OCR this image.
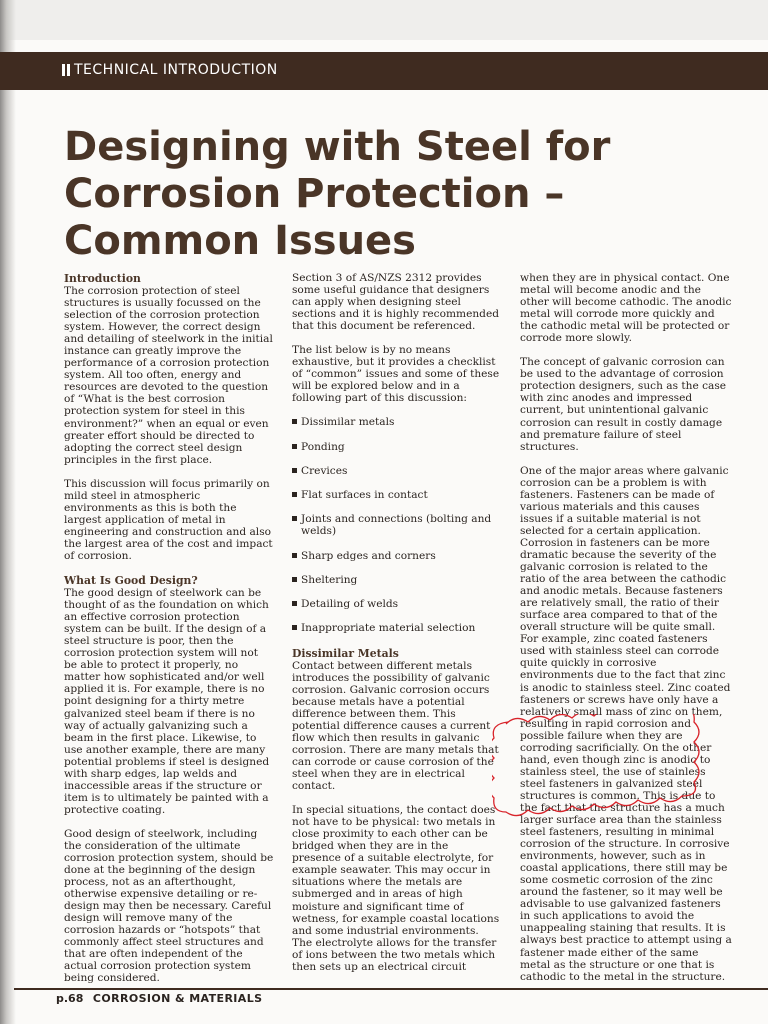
TECHNICAL INTRODUCTION
Designing with Steel for
Corrosion Protection –
Common Issues
Introduction

The corrosion protection of steel structures is usually focussed on the selection of the corrosion protection system. However, the correct design and detailing of steelwork in the initial instance can greatly improve the performance of a corrosion protection system. All too often, energy and resources are devoted to the question of “What is the best corrosion protection system for steel in this environment?” when an equal or even greater effort should be directed to adopting the correct steel design principles in the first place.

This discussion will focus primarily on mild steel in atmospheric environments as this is both the largest application of metal in engineering and construction and also the largest area of the cost and impact of corrosion.

What Is Good Design?

The good design of steelwork can be thought of as the foundation on which an effective corrosion protection system can be built. If the design of a steel structure is poor, then the corrosion protection system will not be able to protect it properly, no matter how sophisticated and/or well applied it is. For example, there is no point designing for a thirty metre galvanized steel beam if there is no way of actually galvanizing such a beam in the first place. Likewise, to use another example, there are many potential problems if steel is designed with sharp edges, lap welds and inaccessible areas if the structure or item is to ultimately be painted with a protective coating.

Good design of steelwork, including the consideration of the ultimate corrosion protection system, should be done at the beginning of the design process, not as an afterthought, otherwise expensive detailing or re-design may then be necessary. Careful design will remove many of the corrosion hazards or “hotspots” that commonly affect steel structures and that are often independent of the actual corrosion protection system being considered.

Section 3 of AS/NZS 2312 provides some useful guidance that designers can apply when designing steel sections and it is highly recommended that this document be referenced.

The list below is by no means exhaustive, but it provides a checklist of “common” issues and some of these will be explored below and in a following part of this discussion:

Dissimilar metals
Ponding
Crevices
Flat surfaces in contact
Joints and connections (bolting and welds)
Sharp edges and corners
Sheltering
Detailing of welds
Inappropriate material selection
Dissimilar Metals

Contact between different metals introduces the possibility of galvanic corrosion. Galvanic corrosion occurs because metals have a potential difference between them. This potential difference causes a current flow which then results in galvanic corrosion. There are many metals that can corrode or cause corrosion of the steel when they are in electrical contact.

In special situations, the contact does not have to be physical: two metals in close proximity to each other can be bridged when they are in the presence of a suitable electrolyte, for example seawater. This may occur in situations where the metals are submerged and in areas of high moisture and significant time of wetness, for example coastal locations and some industrial environments. The electrolyte allows for the transfer of ions between the two metals which then sets up an electrical circuit

when they are in physical contact. One metal will become anodic and the other will become cathodic. The anodic metal will corrode more quickly and the cathodic metal will be protected or corrode more slowly.

The concept of galvanic corrosion can be used to the advantage of corrosion protection designers, such as the case with zinc anodes and impressed current, but unintentional galvanic corrosion can result in costly damage and premature failure of steel structures.

One of the major areas where galvanic corrosion can be a problem is with fasteners. Fasteners can be made of various materials and this causes issues if a suitable material is not selected for a certain application. Corrosion in fasteners can be more dramatic because the severity of the galvanic corrosion is related to the ratio of the area between the cathodic and anodic metals. Because fasteners are relatively small, the ratio of their surface area compared to that of the overall structure will be quite small. For example, zinc coated fasteners used with stainless steel can corrode quite quickly in corrosive environments due to the fact that zinc is anodic to stainless steel. Zinc coated fasteners or screws have only have a relatively small mass of zinc on them, resulting in rapid corrosion and possible failure when they are corroding sacrificially. On the other hand, even though zinc is anodic to stainless steel, the use of stainless steel fasteners in galvanized steel structures is common. This is due to the fact that the structure has a much larger surface area than the stainless steel fasteners, resulting in minimal corrosion of the structure. In corrosive environments, however, such as in coastal applications, there still may be some cosmetic corrosion of the zinc around the fastener, so it may well be advisable to use galvanized fasteners in such applications to avoid the unappealing staining that results. It is always best practice to attempt using a fastener made either of the same metal as the structure or one that is cathodic to the metal in the structure.

p.68 CORROSION & MATERIALS
